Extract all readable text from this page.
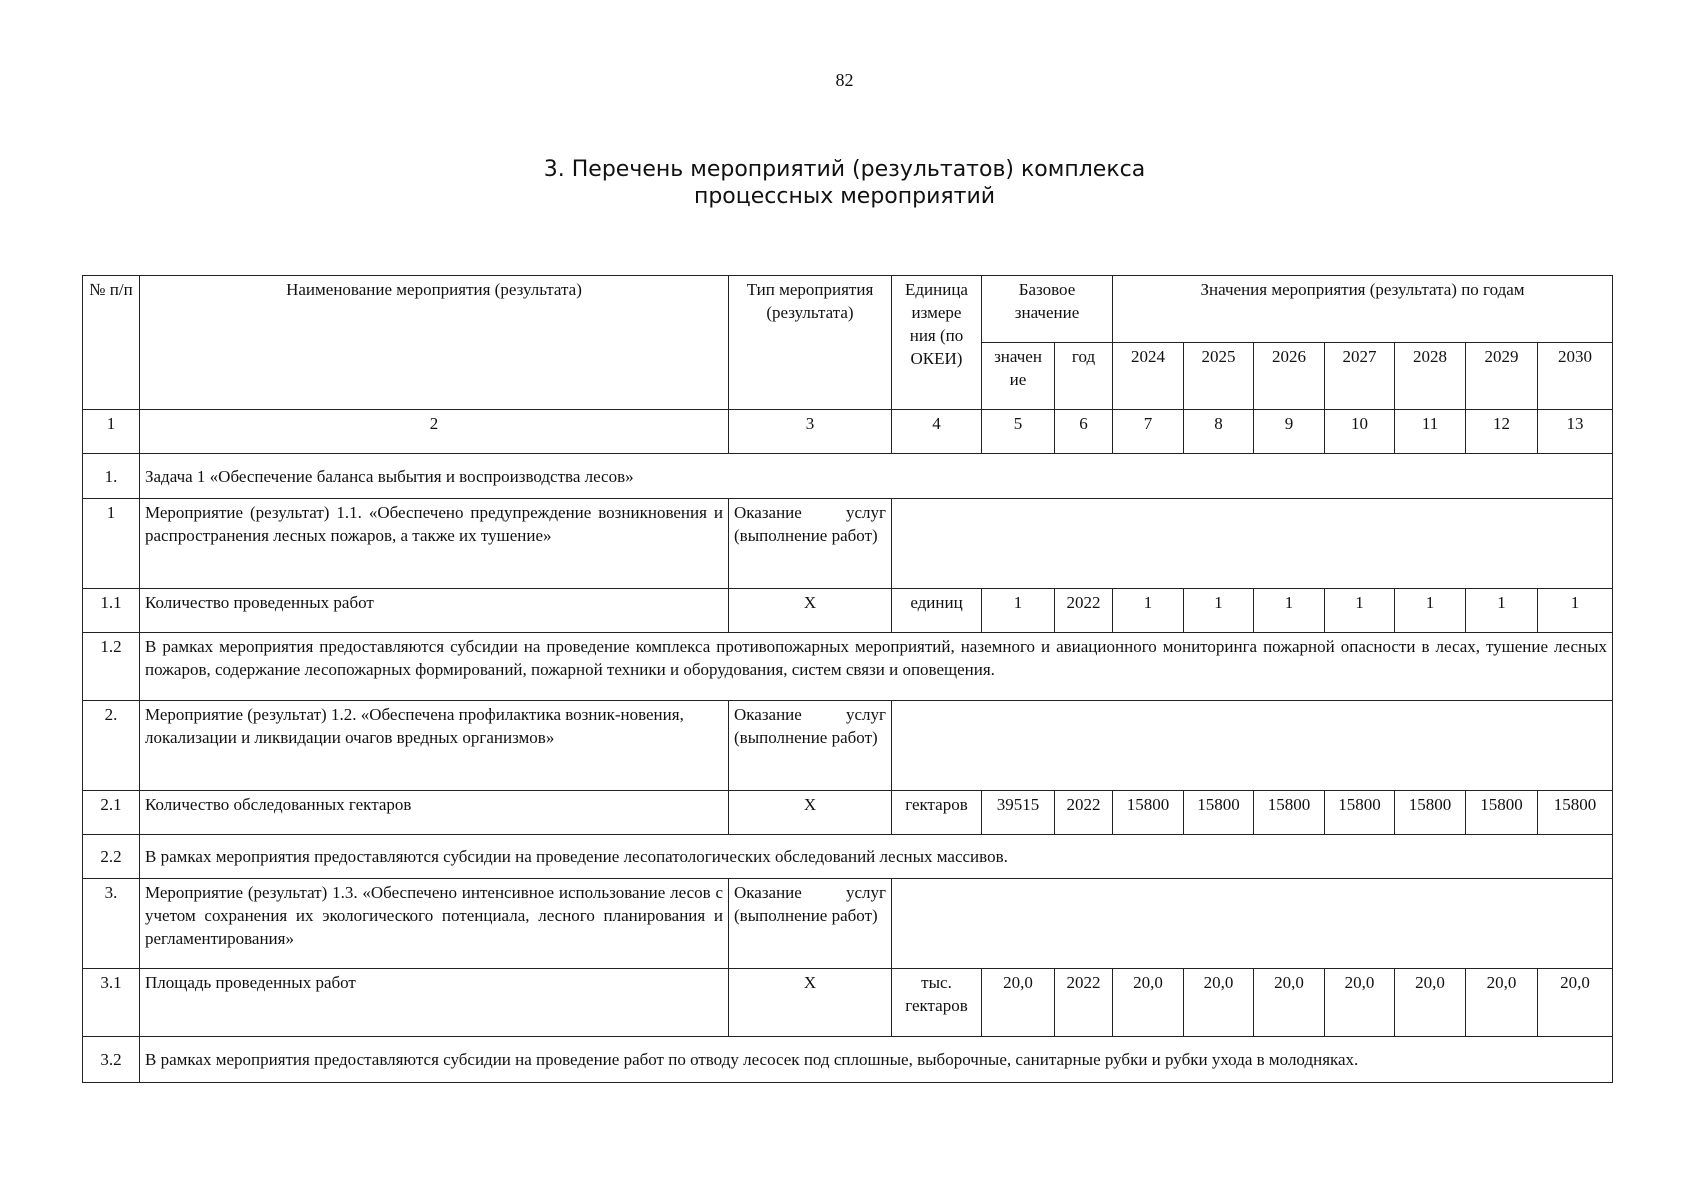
82
3. Перечень мероприятий (результатов) комплекса
процессных мероприятий
№ п/п	Наименование мероприятия (результата)	Тип мероприятия (результата)	Единица измере ния (по ОКЕИ)	Базовое значение		Значения мероприятия (результата) по годам						
				значен ие	год	2024	2025	2026	2027	2028	2029	2030
1	2	3	4	5	6	7	8	9	10	11	12	13
1.	Задача 1 «Обеспечение баланса выбытия и воспроизводства лесов»											
1	Мероприятие (результат) 1.1. «Обеспечено предупреждение возникновения и распространения лесных пожаров, а также их тушение»	Оказание услуг (выполнение работ)										
1.1	Количество проведенных работ	Х	единиц	1	2022	1	1	1	1	1	1	1
1.2	В рамках мероприятия предоставляются субсидии на проведение комплекса противопожарных мероприятий, наземного и авиационного мониторинга пожарной опасности в лесах, тушение лесных пожаров, содержание лесопожарных формирований, пожарной техники и оборудования, систем связи и оповещения.											
2.	Мероприятие (результат) 1.2. «Обеспечена профилактика возник-новения, локализации и ликвидации очагов вредных организмов»	Оказание услуг (выполнение работ)										
2.1	Количество обследованных гектаров	Х	гектаров	39515	2022	15800	15800	15800	15800	15800	15800	15800
2.2	В рамках мероприятия предоставляются субсидии на проведение лесопатологических обследований лесных массивов.											
3.	Мероприятие (результат) 1.3. «Обеспечено интенсивное использование лесов с учетом сохранения их экологического потенциала, лесного планирования и регламентирования»	Оказание услуг (выполнение работ)										
3.1	Площадь проведенных работ	Х	тыс. гектаров	20,0	2022	20,0	20,0	20,0	20,0	20,0	20,0	20,0
3.2	В рамках мероприятия предоставляются субсидии на проведение работ по отводу лесосек под сплошные, выборочные, санитарные рубки и рубки ухода в молодняках.											
